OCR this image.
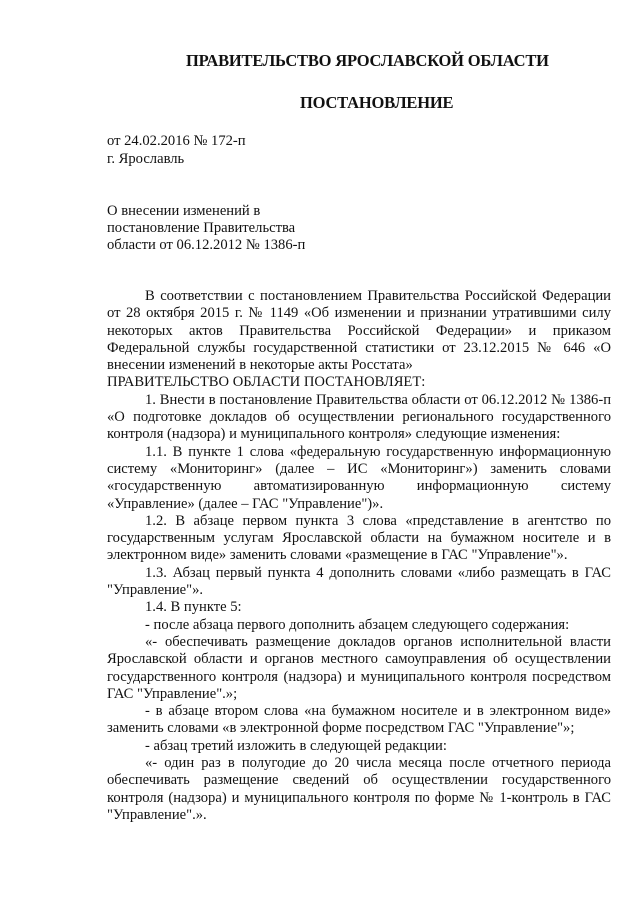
ПРАВИТЕЛЬСТВО ЯРОСЛАВСКОЙ ОБЛАСТИ
ПОСТАНОВЛЕНИЕ
от 24.02.2016 № 172-п
г. Ярославль
О внесении изменений в
постановление Правительства
области от 06.12.2012 № 1386-п

В соответствии с постановлением Правительства Российской Федерации от 28 октября 2015 г. № 1149 «Об изменении и признании утратившими силу некоторых актов Правительства Российской Федерации» и приказом Федеральной службы государственной статистики от 23.12.2015 № 646 «О внесении изменений в некоторые акты Росстата»

ПРАВИТЕЛЬСТВО ОБЛАСТИ ПОСТАНОВЛЯЕТ:

1. Внести в постановление Правительства области от 06.12.2012 № 1386-п «О подготовке докладов об осуществлении регионального государственного контроля (надзора) и муниципального контроля» следующие изменения:

1.1. В пункте 1 слова «федеральную государственную информационную систему «Мониторинг» (далее – ИС «Мониторинг») заменить словами «государственную автоматизированную информационную систему «Управление» (далее – ГАС "Управление")».

1.2. В абзаце первом пункта 3 слова «представление в агентство по государственным услугам Ярославской области на бумажном носителе и в электронном виде» заменить словами «размещение в ГАС "Управление"».

1.3. Абзац первый пункта 4 дополнить словами «либо размещать в ГАС "Управление"».

1.4. В пункте 5:

- после абзаца первого дополнить абзацем следующего содержания:

«- обеспечивать размещение докладов органов исполнительной власти Ярославской области и органов местного самоуправления об осуществлении государственного контроля (надзора) и муниципального контроля посредством ГАС "Управление".»;

- в абзаце втором слова «на бумажном носителе и в электронном виде» заменить словами «в электронной форме посредством ГАС "Управление"»;

- абзац третий изложить в следующей редакции:

«- один раз в полугодие до 20 числа месяца после отчетного периода обеспечивать размещение сведений об осуществлении государственного контроля (надзора) и муниципального контроля по форме № 1-контроль в ГАС "Управление".».
